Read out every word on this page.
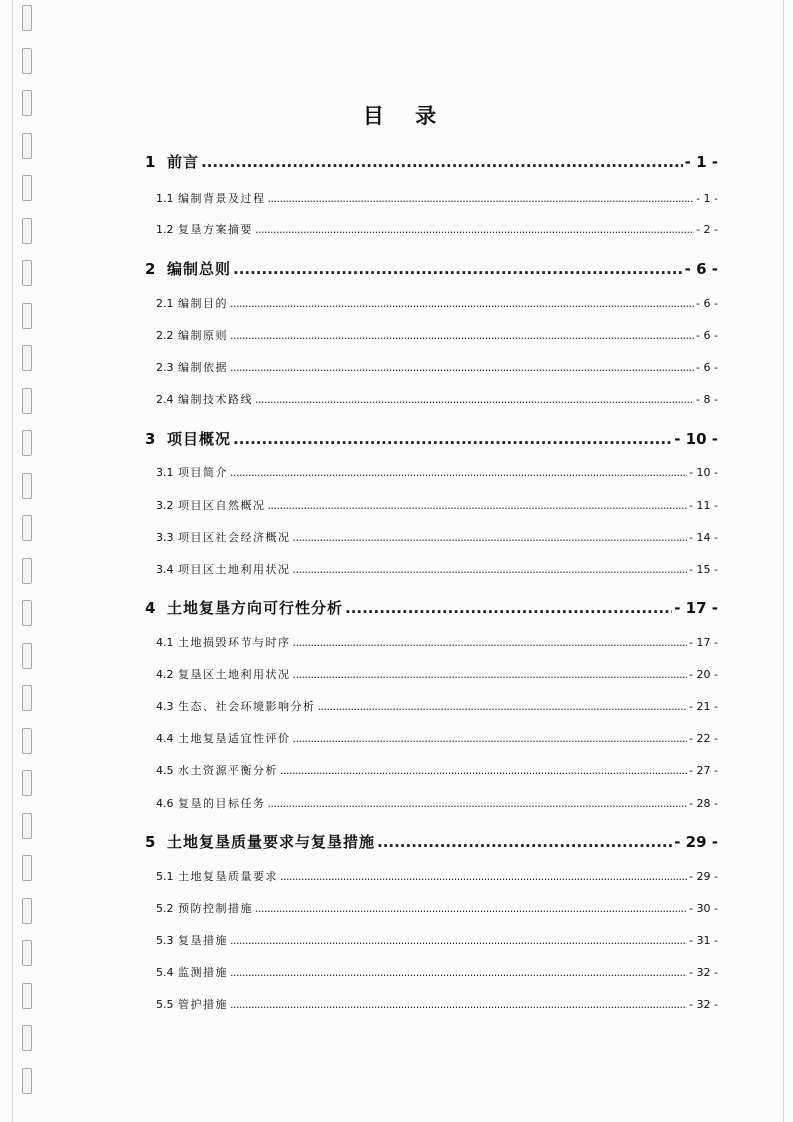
目 录
1 前言 .....	- 1 -
1.1 编制背景及过程 .....	- 1 -
1.2 复垦方案摘要 .....	- 2 -
2 编制总则 .....	- 6 -
2.1 编制目的 .....	- 6 -
2.2 编制原则 .....	- 6 -
2.3 编制依据 .....	- 6 -
2.4 编制技术路线 .....	- 8 -
3 项目概况 .....	- 10 -
3.1 项目简介 .....	- 10 -
3.2 项目区自然概况 .....	- 11 -
3.3 项目区社会经济概况 .....	- 14 -
3.4 项目区土地利用状况 .....	- 15 -
4 土地复垦方向可行性分析 .....	- 17 -
4.1 土地损毁环节与时序 .....	- 17 -
4.2 复垦区土地利用状况 .....	- 20 -
4.3 生态、社会环境影响分析 .....	- 21 -
4.4 土地复垦适宜性评价 .....	- 22 -
4.5 水土资源平衡分析 .....	- 27 -
4.6 复垦的目标任务 .....	- 28 -
5 土地复垦质量要求与复垦措施 .....	- 29 -
5.1 土地复垦质量要求 .....	- 29 -
5.2 预防控制措施 .....	- 30 -
5.3 复垦措施 .....	- 31 -
5.4 监测措施 .....	- 32 -
5.5 管护措施 .....	- 32 -
